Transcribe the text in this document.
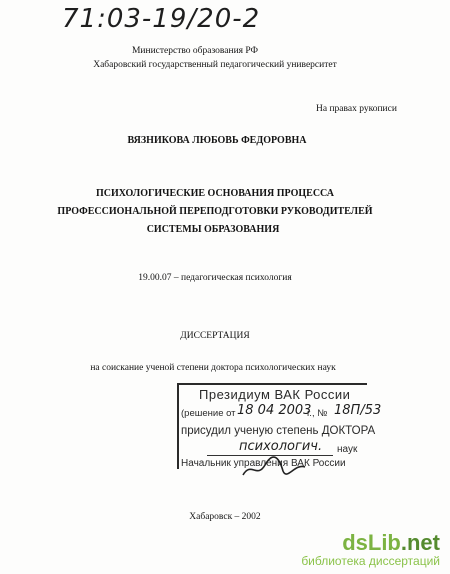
71:03-19/20-2
Министерство образования РФ
Хабаровский государственный педагогический университет
На правах рукописи
ВЯЗНИКОВА ЛЮБОВЬ ФЕДОРОВНА
ПСИХОЛОГИЧЕСКИЕ ОСНОВАНИЯ ПРОЦЕССА
ПРОФЕССИОНАЛЬНОЙ ПЕРЕПОДГОТОВКИ РУКОВОДИТЕЛЕЙ
СИСТЕМЫ ОБРАЗОВАНИЯ
19.00.07 – педагогическая психология
ДИССЕРТАЦИЯ
на соискание ученой степени доктора психологических наук
Президиум ВАК России
(решение от 18 04 2003
г., № 18П/53
присудил ученую степень ДОКТОРА
психологич. наук
Начальник управления ВАК России
Хабаровск – 2002
dsLib.net
библиотека диссертаций
